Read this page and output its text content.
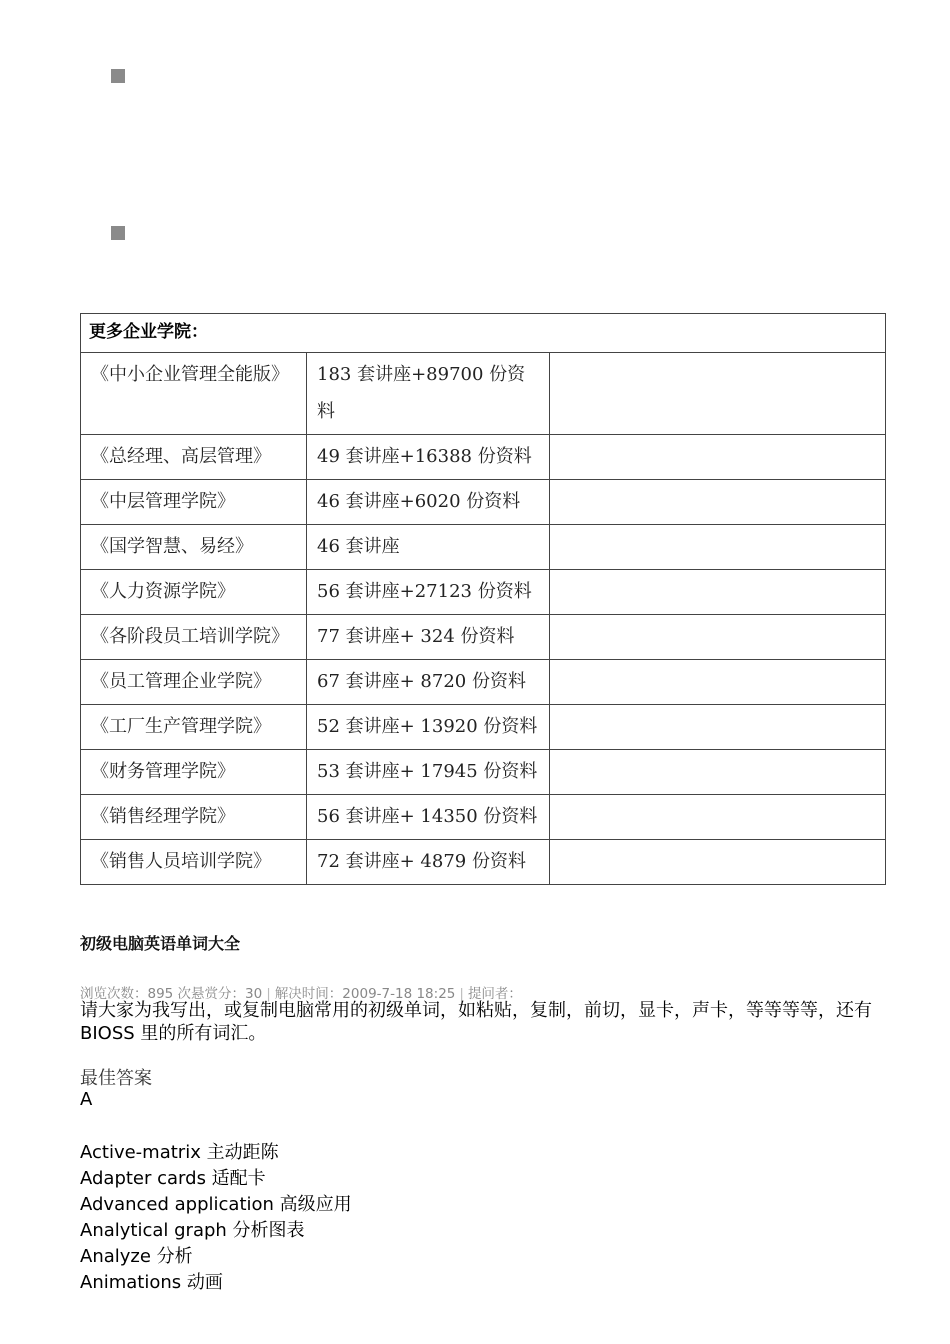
更多企业学院：		
《中小企业管理全能版》	183 套讲座+89700 份资料	
《总经理、高层管理》	49 套讲座+16388 份资料	
《中层管理学院》	46 套讲座+6020 份资料	
《国学智慧、易经》	46 套讲座	
《人力资源学院》	56 套讲座+27123 份资料	
《各阶段员工培训学院》	77 套讲座+ 324 份资料	
《员工管理企业学院》	67 套讲座+ 8720 份资料	
《工厂生产管理学院》	52 套讲座+ 13920 份资料	
《财务管理学院》	53 套讲座+ 17945 份资料	
《销售经理学院》	56 套讲座+ 14350 份资料	
《销售人员培训学院》	72 套讲座+ 4879 份资料	
初级电脑英语单词大全
浏览次数：895 次悬赏分：30 | 解决时间：2009-7-18 18:25 | 提问者：
请大家为我写出，或复制电脑常用的初级单词，如粘贴，复制，前切，显卡，声卡，等等等等，还有 BIOSS 里的所有词汇。
最佳答案
A
Active-matrix 主动距陈
Adapter cards 适配卡
Advanced application 高级应用
Analytical graph 分析图表
Analyze 分析
Animations 动画
